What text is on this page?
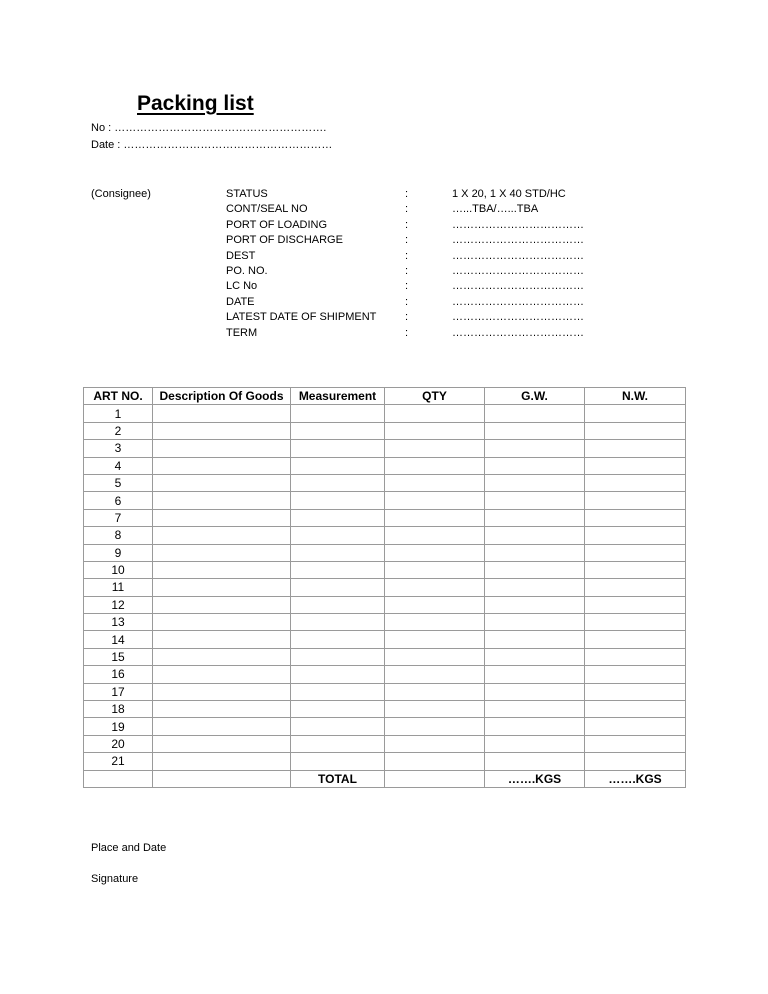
Packing list
No : ………………………………………………….
Date : …………………………………………………
(Consignee)	STATUS	:	1 X 20, 1 X 40 STD/HC
CONT/SEAL NO	:	…...TBA/…...TBA
PORT OF LOADING	:	………………………………
PORT OF DISCHARGE	:	………………………………
DEST	:	………………………………
PO. NO.	:	………………………………
LC No	:	………………………………
DATE	:	………………………………
LATEST DATE OF SHIPMENT	:	………………………………
TERM	:	………………………………
ART NO.	Description Of Goods	Measurement	QTY	G.W.	N.W.
1					
2					
3					
4					
5					
6					
7					
8					
9					
10					
11					
12					
13					
14					
15					
16					
17					
18					
19					
20					
21					
		TOTAL		…….KGS	…….KGS
Place and Date
Signature
